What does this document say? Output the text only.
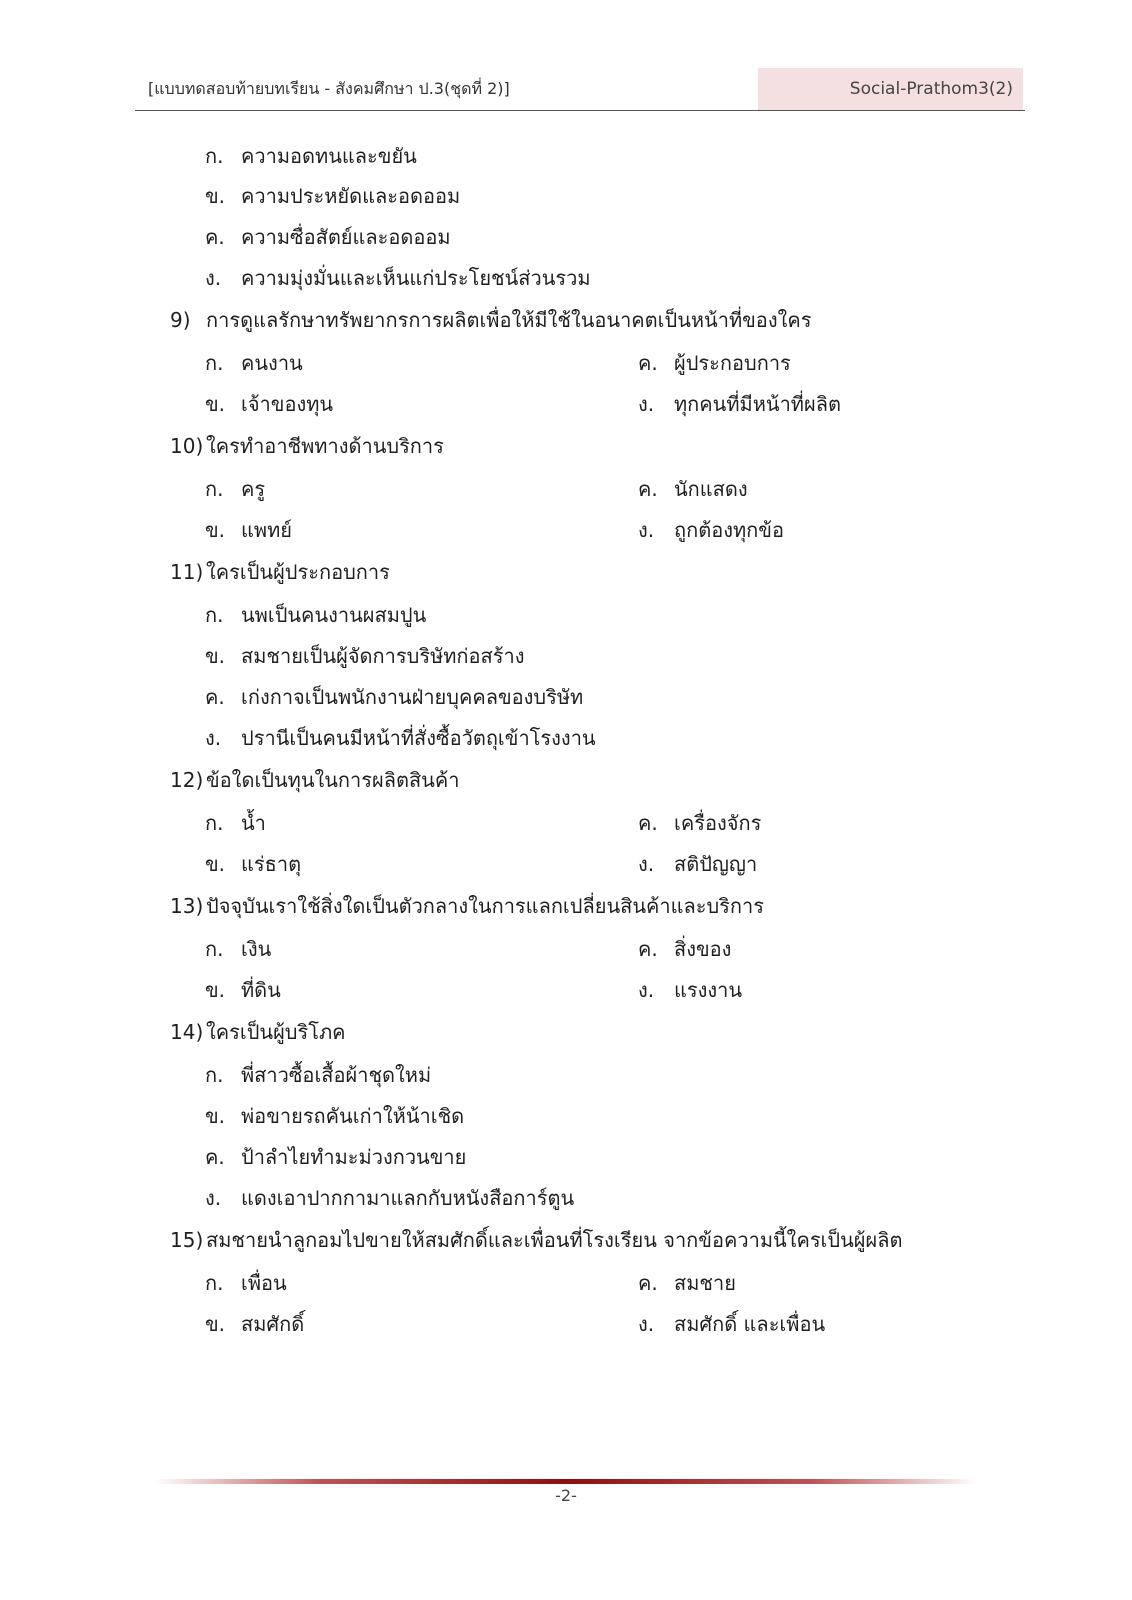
[แบบทดสอบท้ายบทเรียน - สังคมศึกษา ป.3(ชุดที่ 2)]	Social-Prathom3(2)
ก. ความอดทนและขยัน
ข. ความประหยัดและอดออม
ค. ความซื่อสัตย์และอดออม
ง. ความมุ่งมั่นและเห็นแก่ประโยชน์ส่วนรวม
9) การดูแลรักษาทรัพยากรการผลิตเพื่อให้มีใช้ในอนาคตเป็นหน้าที่ของใคร
ก. คนงาน	ค. ผู้ประกอบการ
ข. เจ้าของทุน	ง. ทุกคนที่มีหน้าที่ผลิต
10) ใครทำอาชีพทางด้านบริการ
ก. ครู	ค. นักแสดง
ข. แพทย์	ง. ถูกต้องทุกข้อ
11) ใครเป็นผู้ประกอบการ
ก. นพเป็นคนงานผสมปูน
ข. สมชายเป็นผู้จัดการบริษัทก่อสร้าง
ค. เก่งกาจเป็นพนักงานฝ่ายบุคคลของบริษัท
ง. ปรานีเป็นคนมีหน้าที่สั่งซื้อวัตถุเข้าโรงงาน
12) ข้อใดเป็นทุนในการผลิตสินค้า
ก. น้ำ	ค. เครื่องจักร
ข. แร่ธาตุ	ง. สติปัญญา
13) ปัจจุบันเราใช้สิ่งใดเป็นตัวกลางในการแลกเปลี่ยนสินค้าและบริการ
ก. เงิน	ค. สิ่งของ
ข. ที่ดิน	ง. แรงงาน
14) ใครเป็นผู้บริโภค
ก. พี่สาวซื้อเสื้อผ้าชุดใหม่
ข. พ่อขายรถคันเก่าให้น้าเชิด
ค. ป้าลำไยทำมะม่วงกวนขาย
ง. แดงเอาปากกามาแลกกับหนังสือการ์ตูน
15) สมชายนำลูกอมไปขายให้สมศักดิ์และเพื่อนที่โรงเรียน จากข้อความนี้ใครเป็นผู้ผลิต
ก. เพื่อน	ค. สมชาย
ข. สมศักดิ์	ง. สมศักดิ์ และเพื่อน
-2-
